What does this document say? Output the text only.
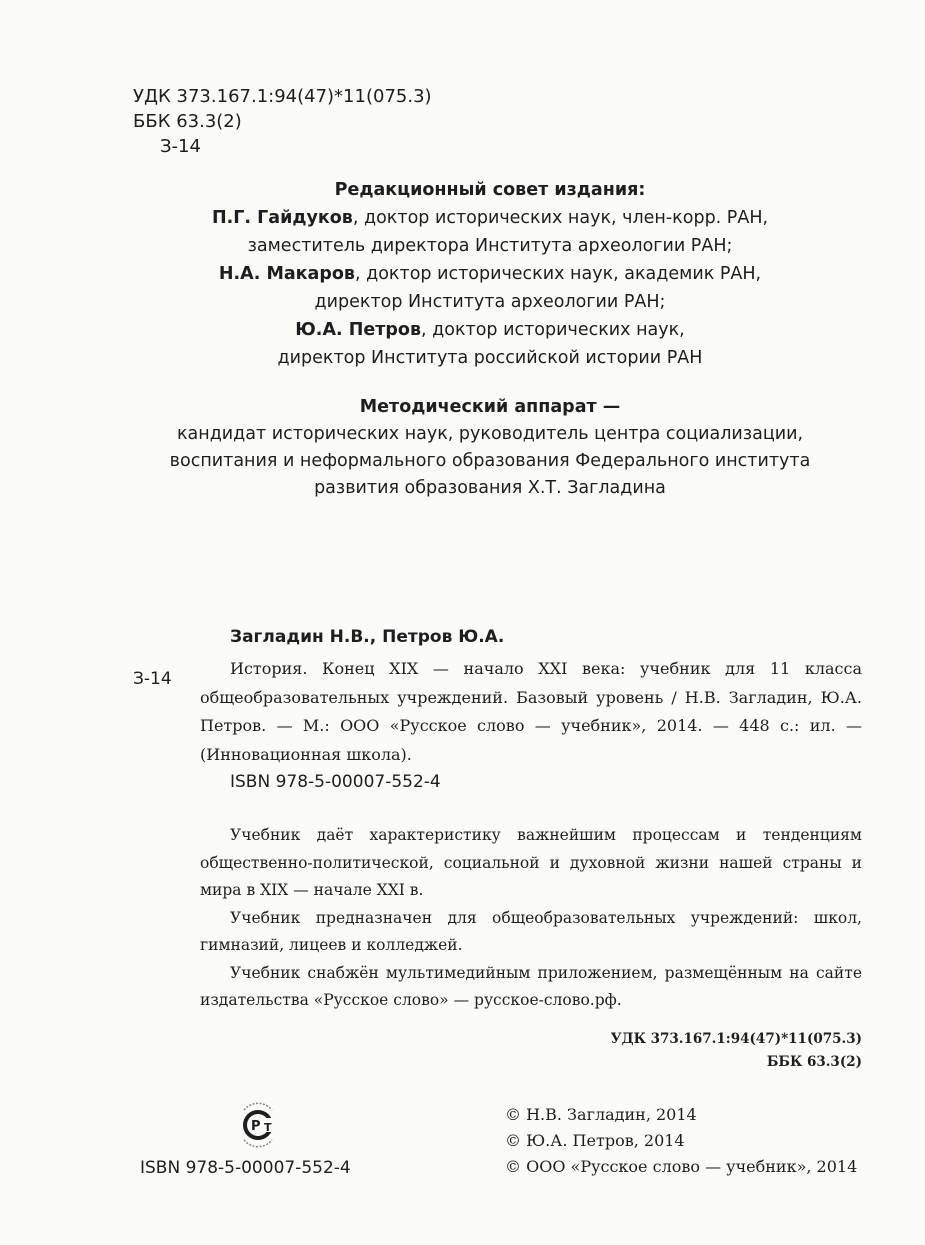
УДК 373.167.1:94(47)*11(075.3)
ББК 63.3(2)
З-14
Редакционный совет издания:
П.Г. Гайдуков, доктор исторических наук, член-корр. РАН,
заместитель директора Института археологии РАН;
Н.А. Макаров, доктор исторических наук, академик РАН,
директор Института археологии РАН;
Ю.А. Петров, доктор исторических наук,
директор Института российской истории РАН
Методический аппарат —
кандидат исторических наук, руководитель центра социализации,
воспитания и неформального образования Федерального института
развития образования Х.Т. Загладина
Загладин Н.В., Петров Ю.А.
З-14

История. Конец XIX — начало XXI века: учебник для 11 класса общеобразовательных учреждений. Базовый уровень / Н.В. Загладин, Ю.А. Петров. — М.: ООО «Русское слово — учебник», 2014. — 448 с.: ил. — (Инновационная школа).

ISBN 978-5-00007-552-4

Учебник даёт характеристику важнейшим процессам и тенденциям общественно-политической, социальной и духовной жизни нашей страны и мира в XIX — начале XXI в.

Учебник предназначен для общеобразовательных учреждений: школ, гимназий, лицеев и колледжей.

Учебник снабжён мультимедийным приложением, размещённым на сайте издательства «Русское слово» — русское-слово.рф.

УДК 373.167.1:94(47)*11(075.3)
ББК 63.3(2)
P T
ISBN 978-5-00007-552-4
© Н.В. Загладин, 2014
© Ю.А. Петров, 2014
© ООО «Русское слово — учебник», 2014
